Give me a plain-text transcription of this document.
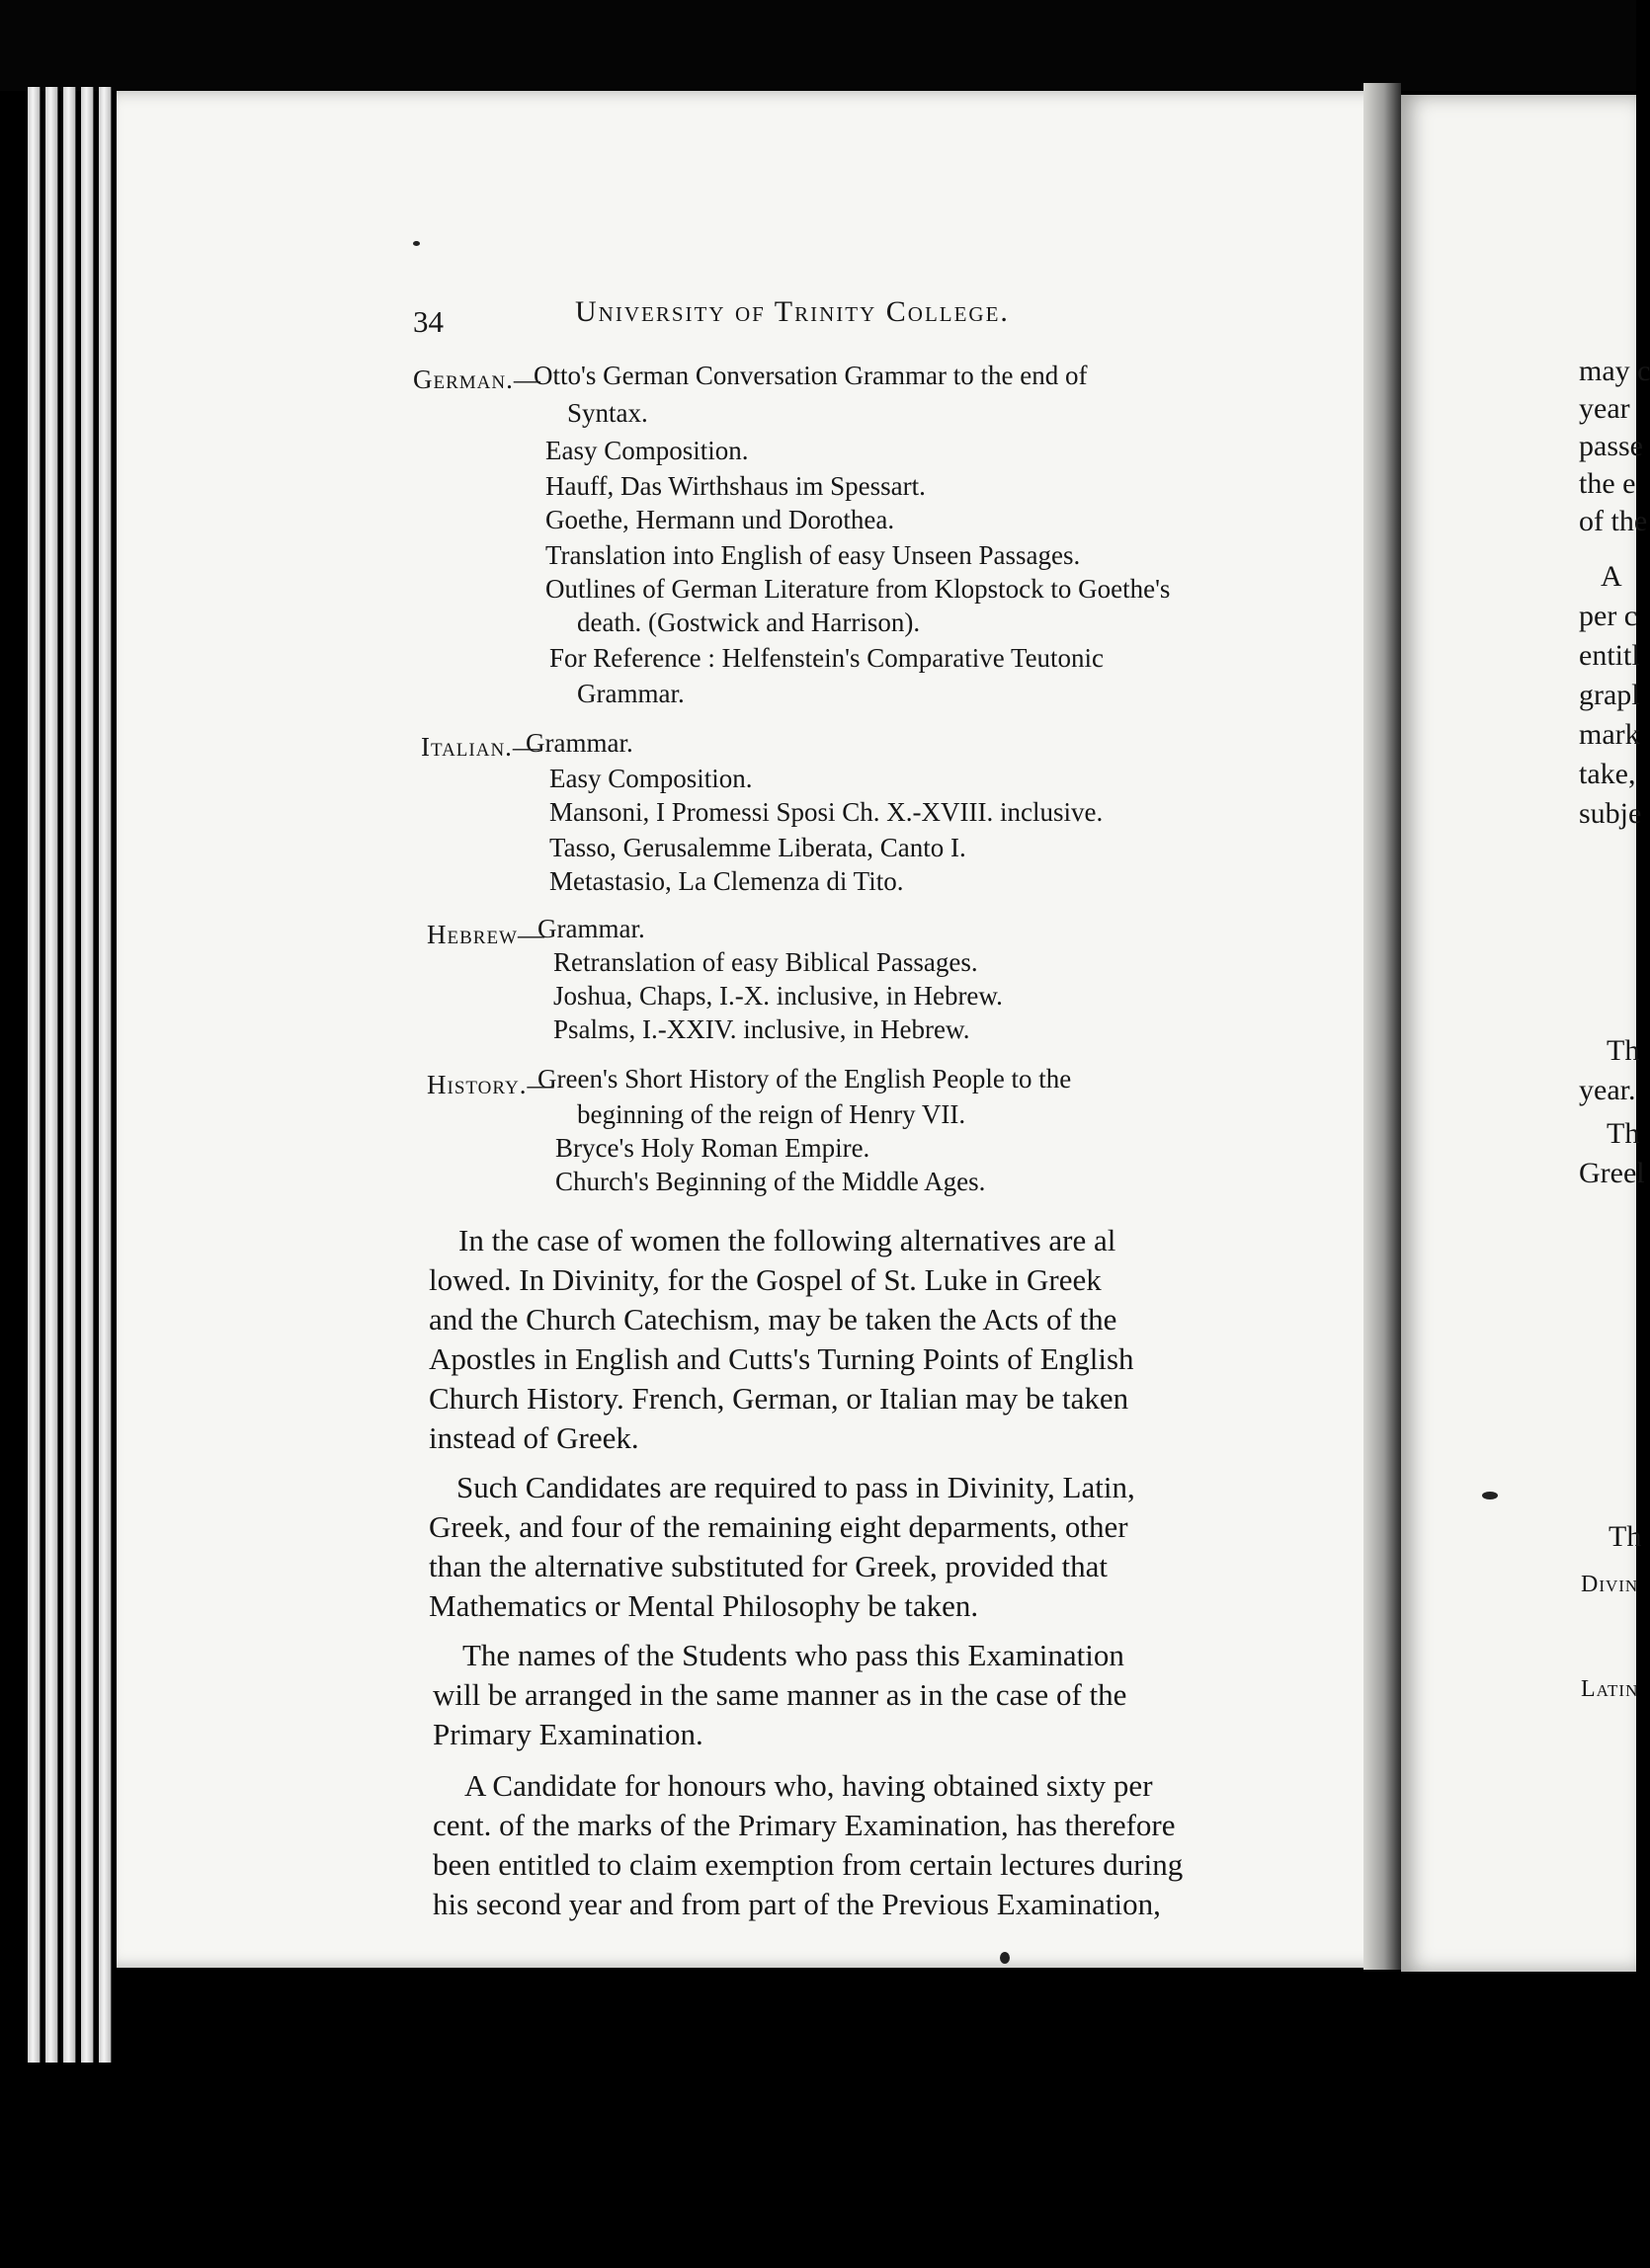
34	University of Trinity College.
German.—
Otto's German Conversation Grammar to the end of
Syntax.
Easy Composition.
Hauff, Das Wirthshaus im Spessart.
Goethe, Hermann und Dorothea.
Translation into English of easy Unseen Passages.
Outlines of German Literature from Klopstock to Goethe's
death. (Gostwick and Harrison).
For Reference : Helfenstein's Comparative Teutonic
Grammar.
Italian.—
Grammar.
Easy Composition.
Mansoni, I Promessi Sposi Ch. X.-XVIII. inclusive.
Tasso, Gerusalemme Liberata, Canto I.
Metastasio, La Clemenza di Tito.
Hebrew—
Grammar.
Retranslation of easy Biblical Passages.
Joshua, Chaps, I.-X. inclusive, in Hebrew.
Psalms, I.-XXIV. inclusive, in Hebrew.
History.—
Green's Short History of the English People to the
beginning of the reign of Henry VII.
Bryce's Holy Roman Empire.
Church's Beginning of the Middle Ages.
In the case of women the following alternatives are al
lowed. In Divinity, for the Gospel of St. Luke in Greek
and the Church Catechism, may be taken the Acts of the
Apostles in English and Cutts's Turning Points of English
Church History. French, German, or Italian may be taken
instead of Greek.
Such Candidates are required to pass in Divinity, Latin,
Greek, and four of the remaining eight deparments, other
than the alternative substituted for Greek, provided that
Mathematics or Mental Philosophy be taken.
The names of the Students who pass this Examination
will be arranged in the same manner as in the case of the
Primary Examination.
A Candidate for honours who, having obtained sixty per
cent. of the marks of the Primary Examination, has therefore
been entitled to claim exemption from certain lectures during
his second year and from part of the Previous Examination,
may c
year
passe
the e
of the
A
per c
entitl
grapl
mark
take,
subje
Th
year.
Th
Greel
Th
Divin
Latin
